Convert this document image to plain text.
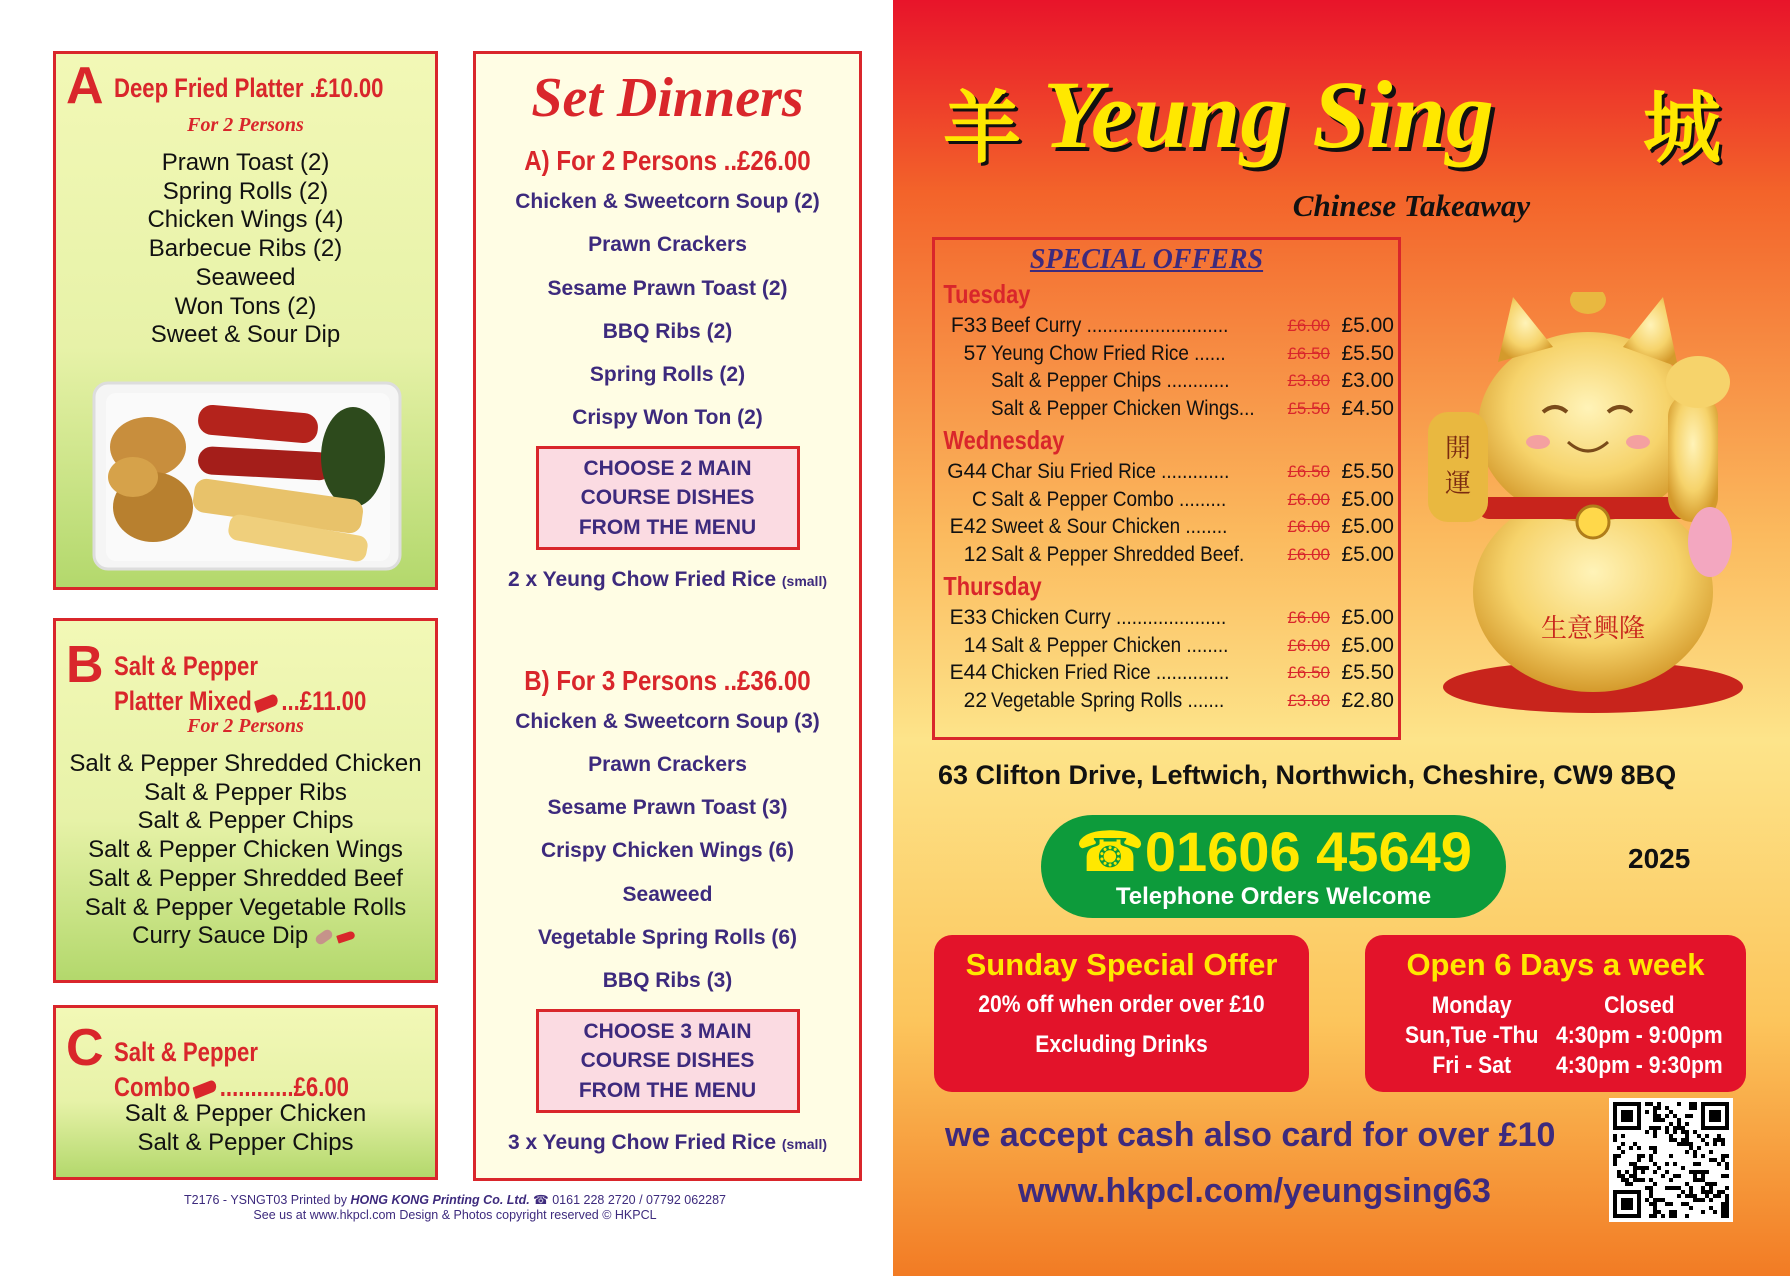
A Deep Fried Platter .£10.00
For 2 Persons
Prawn Toast (2)
Spring Rolls (2)
Chicken Wings (4)
Barbecue Ribs (2)
Seaweed
Won Tons (2)
Sweet & Sour Dip
B Salt & Pepper
Platter Mixed ...£11.00
For 2 Persons
Salt & Pepper Shredded Chicken
Salt & Pepper Ribs
Salt & Pepper Chips
Salt & Pepper Chicken Wings
Salt & Pepper Shredded Beef
Salt & Pepper Vegetable Rolls
Curry Sauce Dip
C Salt & Pepper
Combo ............£6.00
Salt & Pepper Chicken
Salt & Pepper Chips
Set Dinners
A) For 2 Persons ..£26.00
Chicken & Sweetcorn Soup (2)
Prawn Crackers
Sesame Prawn Toast (2)
BBQ Ribs (2)
Spring Rolls (2)
Crispy Won Ton (2)
CHOOSE 2 MAIN
COURSE DISHES
FROM THE MENU
2 x Yeung Chow Fried Rice (small)
B) For 3 Persons ..£36.00
Chicken & Sweetcorn Soup (3)
Prawn Crackers
Sesame Prawn Toast (3)
Crispy Chicken Wings (6)
Seaweed
Vegetable Spring Rolls (6)
BBQ Ribs (3)
CHOOSE 3 MAIN
COURSE DISHES
FROM THE MENU
3 x Yeung Chow Fried Rice (small)
T2176 - YSNGT03 Printed by HONG KONG Printing Co. Ltd. ☎ 0161 228 2720 / 07792 062287
See us at www.hkpcl.com Design & Photos copyright reserved © HKPCL
羊 Yeung Sing 城
Chinese Takeaway
SPECIAL OFFERS
Tuesday
F33 Beef Curry ...........................	£6.00 £5.00
57 Yeung Chow Fried Rice ......	£6.50 £5.50
Salt & Pepper Chips ............	£3.80 £3.00
Salt & Pepper Chicken Wings...	£5.50 £4.50
Wednesday
G44 Char Siu Fried Rice .............	£6.50 £5.50
C Salt & Pepper Combo .........	£6.00 £5.00
E42 Sweet & Sour Chicken ........	£6.00 £5.00
12 Salt & Pepper Shredded Beef.	£6.00 £5.00
Thursday
E33 Chicken Curry .....................	£6.00 £5.00
14 Salt & Pepper Chicken ........	£6.00 £5.00
E44 Chicken Fried Rice ..............	£6.50 £5.50
22 Vegetable Spring Rolls .......	£3.80 £2.80
開
運
生意興隆
63 Clifton Drive, Leftwich, Northwich, Cheshire, CW9 8BQ
☎01606 45649
Telephone Orders Welcome
2025
Sunday Special Offer
20% off when order over £10
Excluding Drinks
Open 6 Days a week
Monday	Closed
Sun,Tue -Thu 4:30pm - 9:00pm
Fri - Sat	4:30pm - 9:30pm
we accept cash also card for over £10
www.hkpcl.com/yeungsing63
